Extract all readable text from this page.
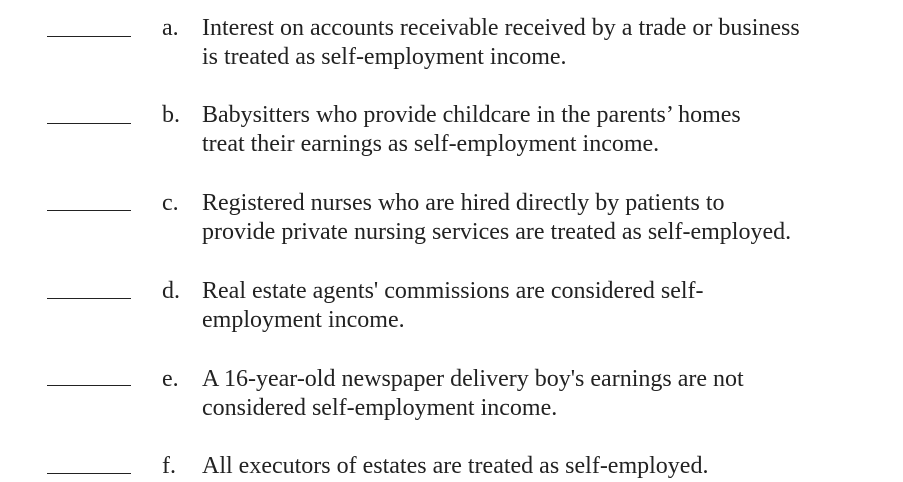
a. Interest on accounts receivable received by a trade or business
is treated as self-employment income.
b. Babysitters who provide childcare in the parents’ homes
treat their earnings as self-employment income.
c. Registered nurses who are hired directly by patients to
provide private nursing services are treated as self-employed.
d. Real estate agents' commissions are considered self-
employment income.
e. A 16-year-old newspaper delivery boy's earnings are not
considered self-employment income.
f. All executors of estates are treated as self-employed.
